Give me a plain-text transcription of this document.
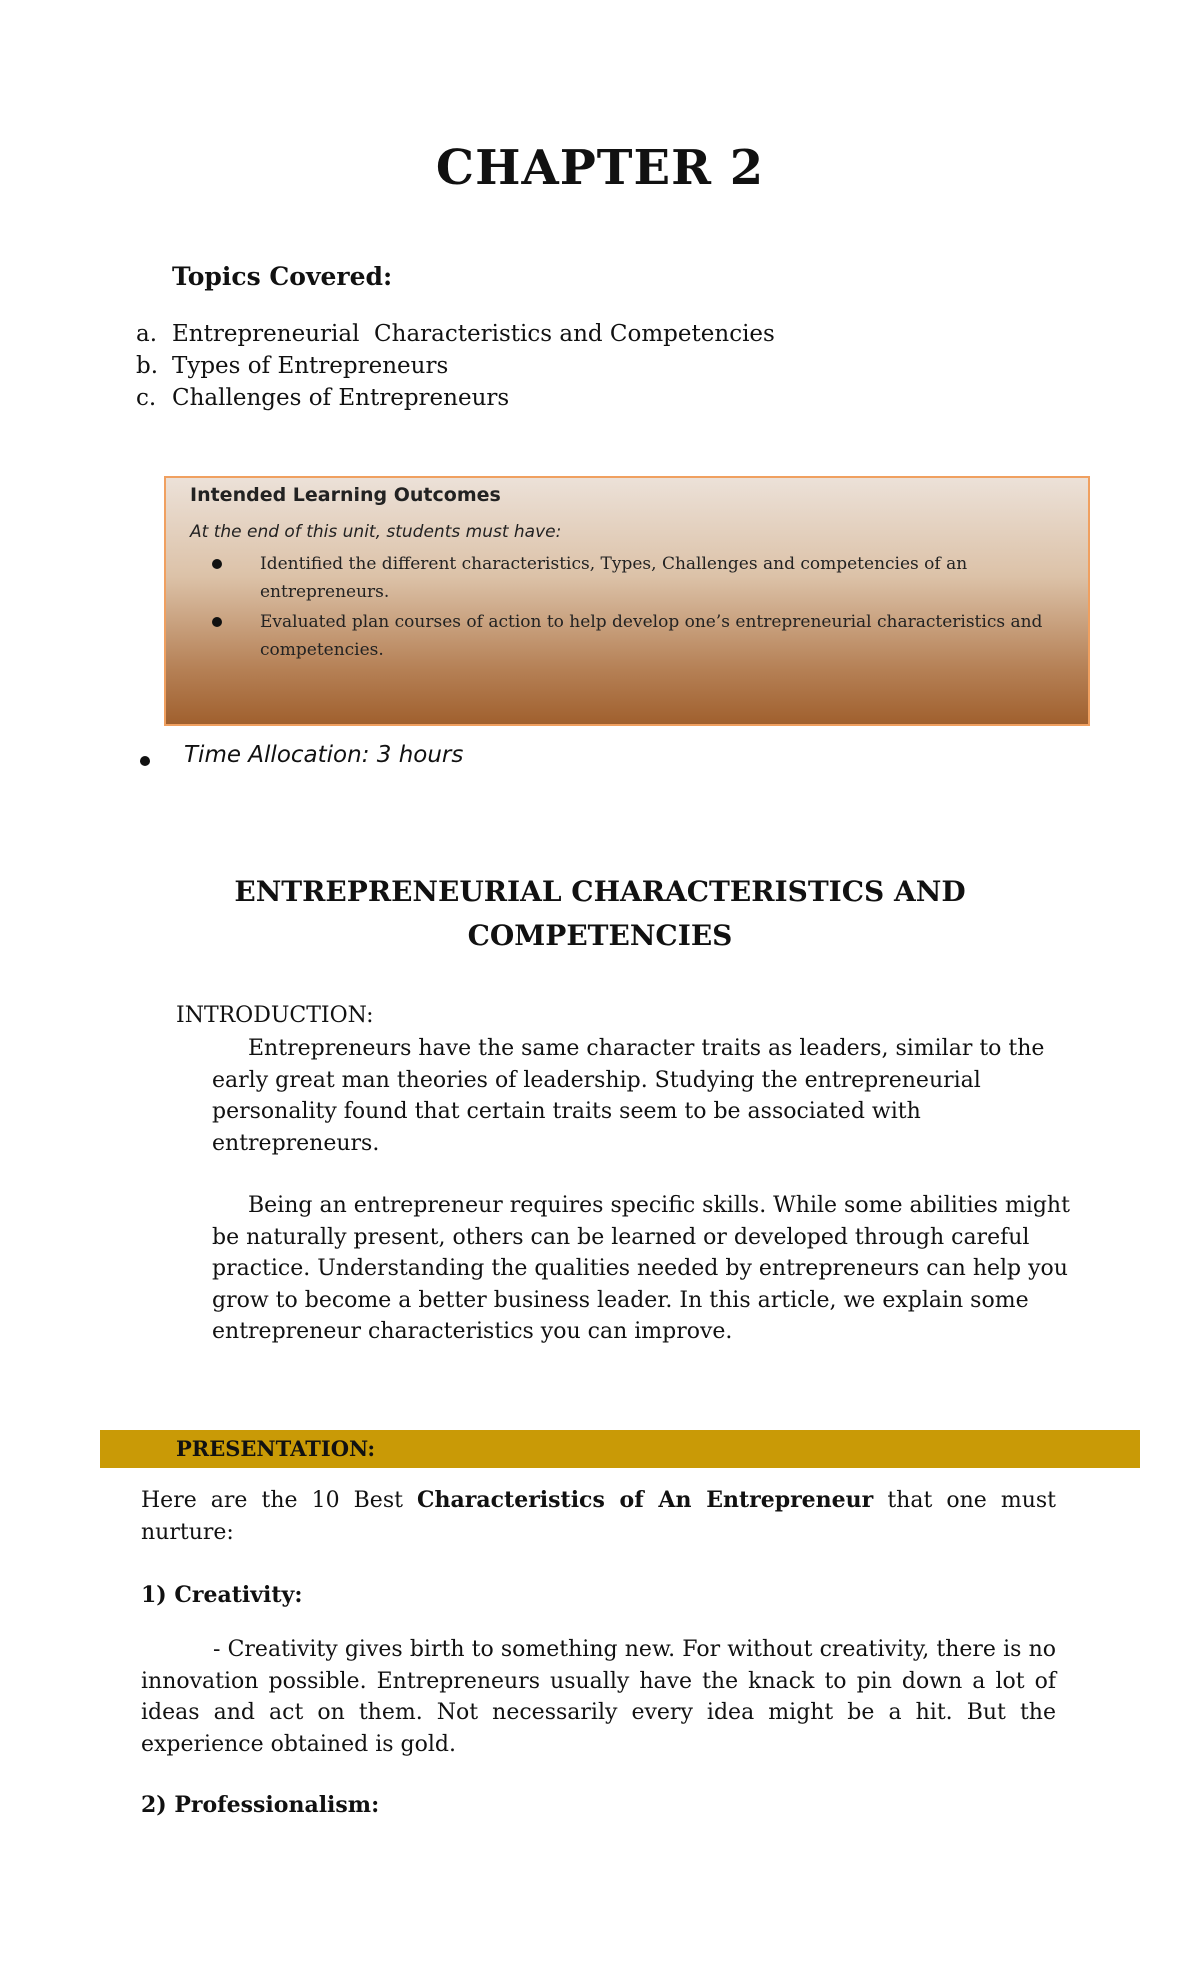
CHAPTER 2
Topics Covered:
a. Entrepreneurial  Characteristics and Competencies
b. Types of Entrepreneurs
c. Challenges of Entrepreneurs
Intended Learning Outcomes
At the end of this unit, students must have:
Identified the different characteristics, Types, Challenges and competencies of an entrepreneurs.
Evaluated plan courses of action to help develop one’s entrepreneurial characteristics and competencies.
Time Allocation: 3 hours
ENTREPRENEURIAL CHARACTERISTICS AND COMPETENCIES
INTRODUCTION:
Entrepreneurs have the same character traits as leaders, similar to the early great man theories of leadership. Studying the entrepreneurial personality found that certain traits seem to be associated with entrepreneurs.
Being an entrepreneur requires specific skills. While some abilities might be naturally present, others can be learned or developed through careful practice. Understanding the qualities needed by entrepreneurs can help you grow to become a better business leader. In this article, we explain some entrepreneur characteristics you can improve.
PRESENTATION:
Here are the 10 Best Characteristics of An Entrepreneur that one must nurture:
1) Creativity:
- Creativity gives birth to something new. For without creativity, there is no innovation possible. Entrepreneurs usually have the knack to pin down a lot of ideas and act on them. Not necessarily every idea might be a hit. But the experience obtained is gold.
2) Professionalism:
